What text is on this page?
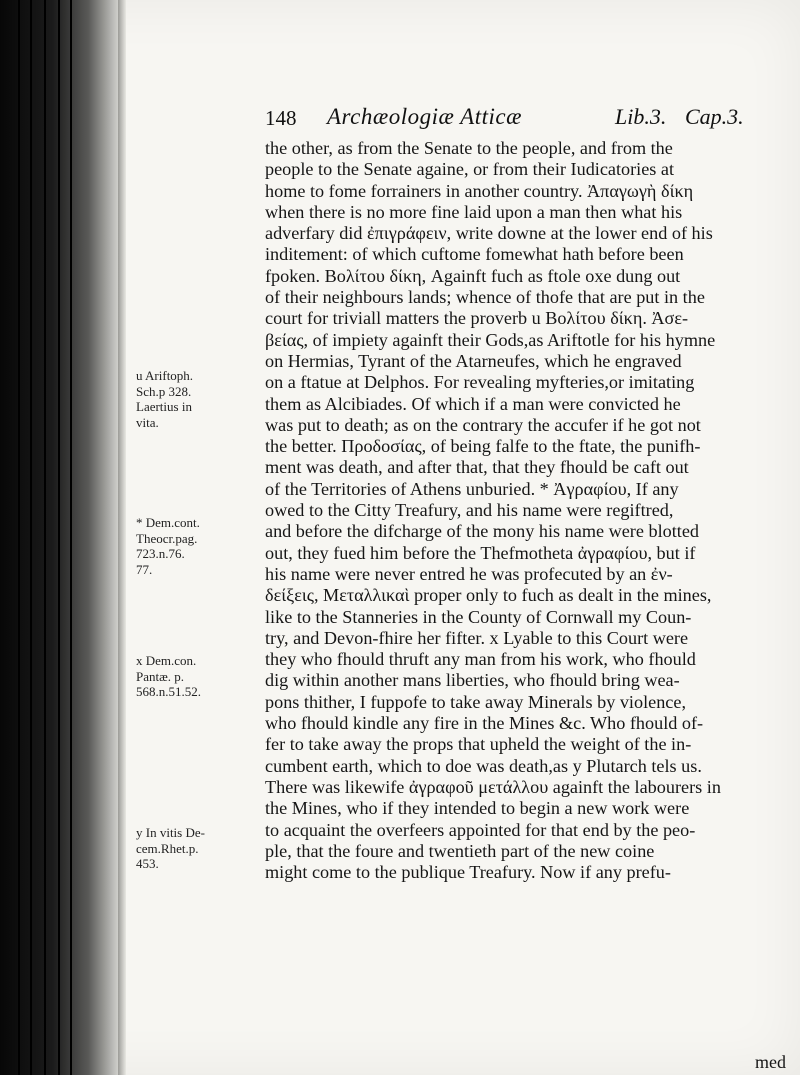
148 Archæologiæ Atticæ	Lib.3. Cap.3.
u Ariftoph.
Sch.p 328.
Laertius in
vita.
* Dem.cont.
Theocr.pag.
723.n.76.
77.
x Dem.con.
Pantæ. p.
568.n.51.52.
y In vitis De-
cem.Rhet.p.
453.
the other, as from the Senate to the people, and from the
people to the Senate againe, or from their Iudicatories at
home to fome forrainers in another country. Ἀπαγωγὴ δίκη
when there is no more fine laid upon a man then what his
adverfary did ἐπιγράφειν, write downe at the lower end of his
inditement: of which cuftome fomewhat hath before been
fpoken. Βολίτου δίκη, Againft fuch as ftole oxe dung out
of their neighbours lands; whence of thofe that are put in the
court for triviall matters the proverb u Βολίτου δίκη. Ἀσε-
βείας, of impiety againft their Gods,as Ariftotle for his hymne
on Hermias, Tyrant of the Atarneufes, which he engraved
on a ftatue at Delphos. For revealing myfteries,or imitating
them as Alcibiades. Of which if a man were convicted he
was put to death; as on the contrary the accufer if he got not
the better. Προδοσίας, of being falfe to the ftate, the punifh-
ment was death, and after that, that they fhould be caft out
of the Territories of Athens unburied. * Ἀγραφίου, If any
owed to the Citty Treafury, and his name were regiftred,
and before the difcharge of the mony his name were blotted
out, they fued him before the Thefmotheta ἀγραφίου, but if
his name were never entred he was profecuted by an ἐν-
δείξεις, Μεταλλικαὶ proper only to fuch as dealt in the mines,
like to the Stanneries in the County of Cornwall my Coun-
try, and Devon-fhire her fifter. x Lyable to this Court were
they who fhould thruft any man from his work, who fhould
dig within another mans liberties, who fhould bring wea-
pons thither, I fuppofe to take away Minerals by violence,
who fhould kindle any fire in the Mines &c. Who fhould of-
fer to take away the props that upheld the weight of the in-
cumbent earth, which to doe was death,as y Plutarch tels us.
There was likewife ἀγραφοῦ μετάλλου againft the labourers in
the Mines, who if they intended to begin a new work were
to acquaint the overfeers appointed for that end by the peo-
ple, that the foure and twentieth part of the new coine
might come to the publique Treafury. Now if any prefu-
med
